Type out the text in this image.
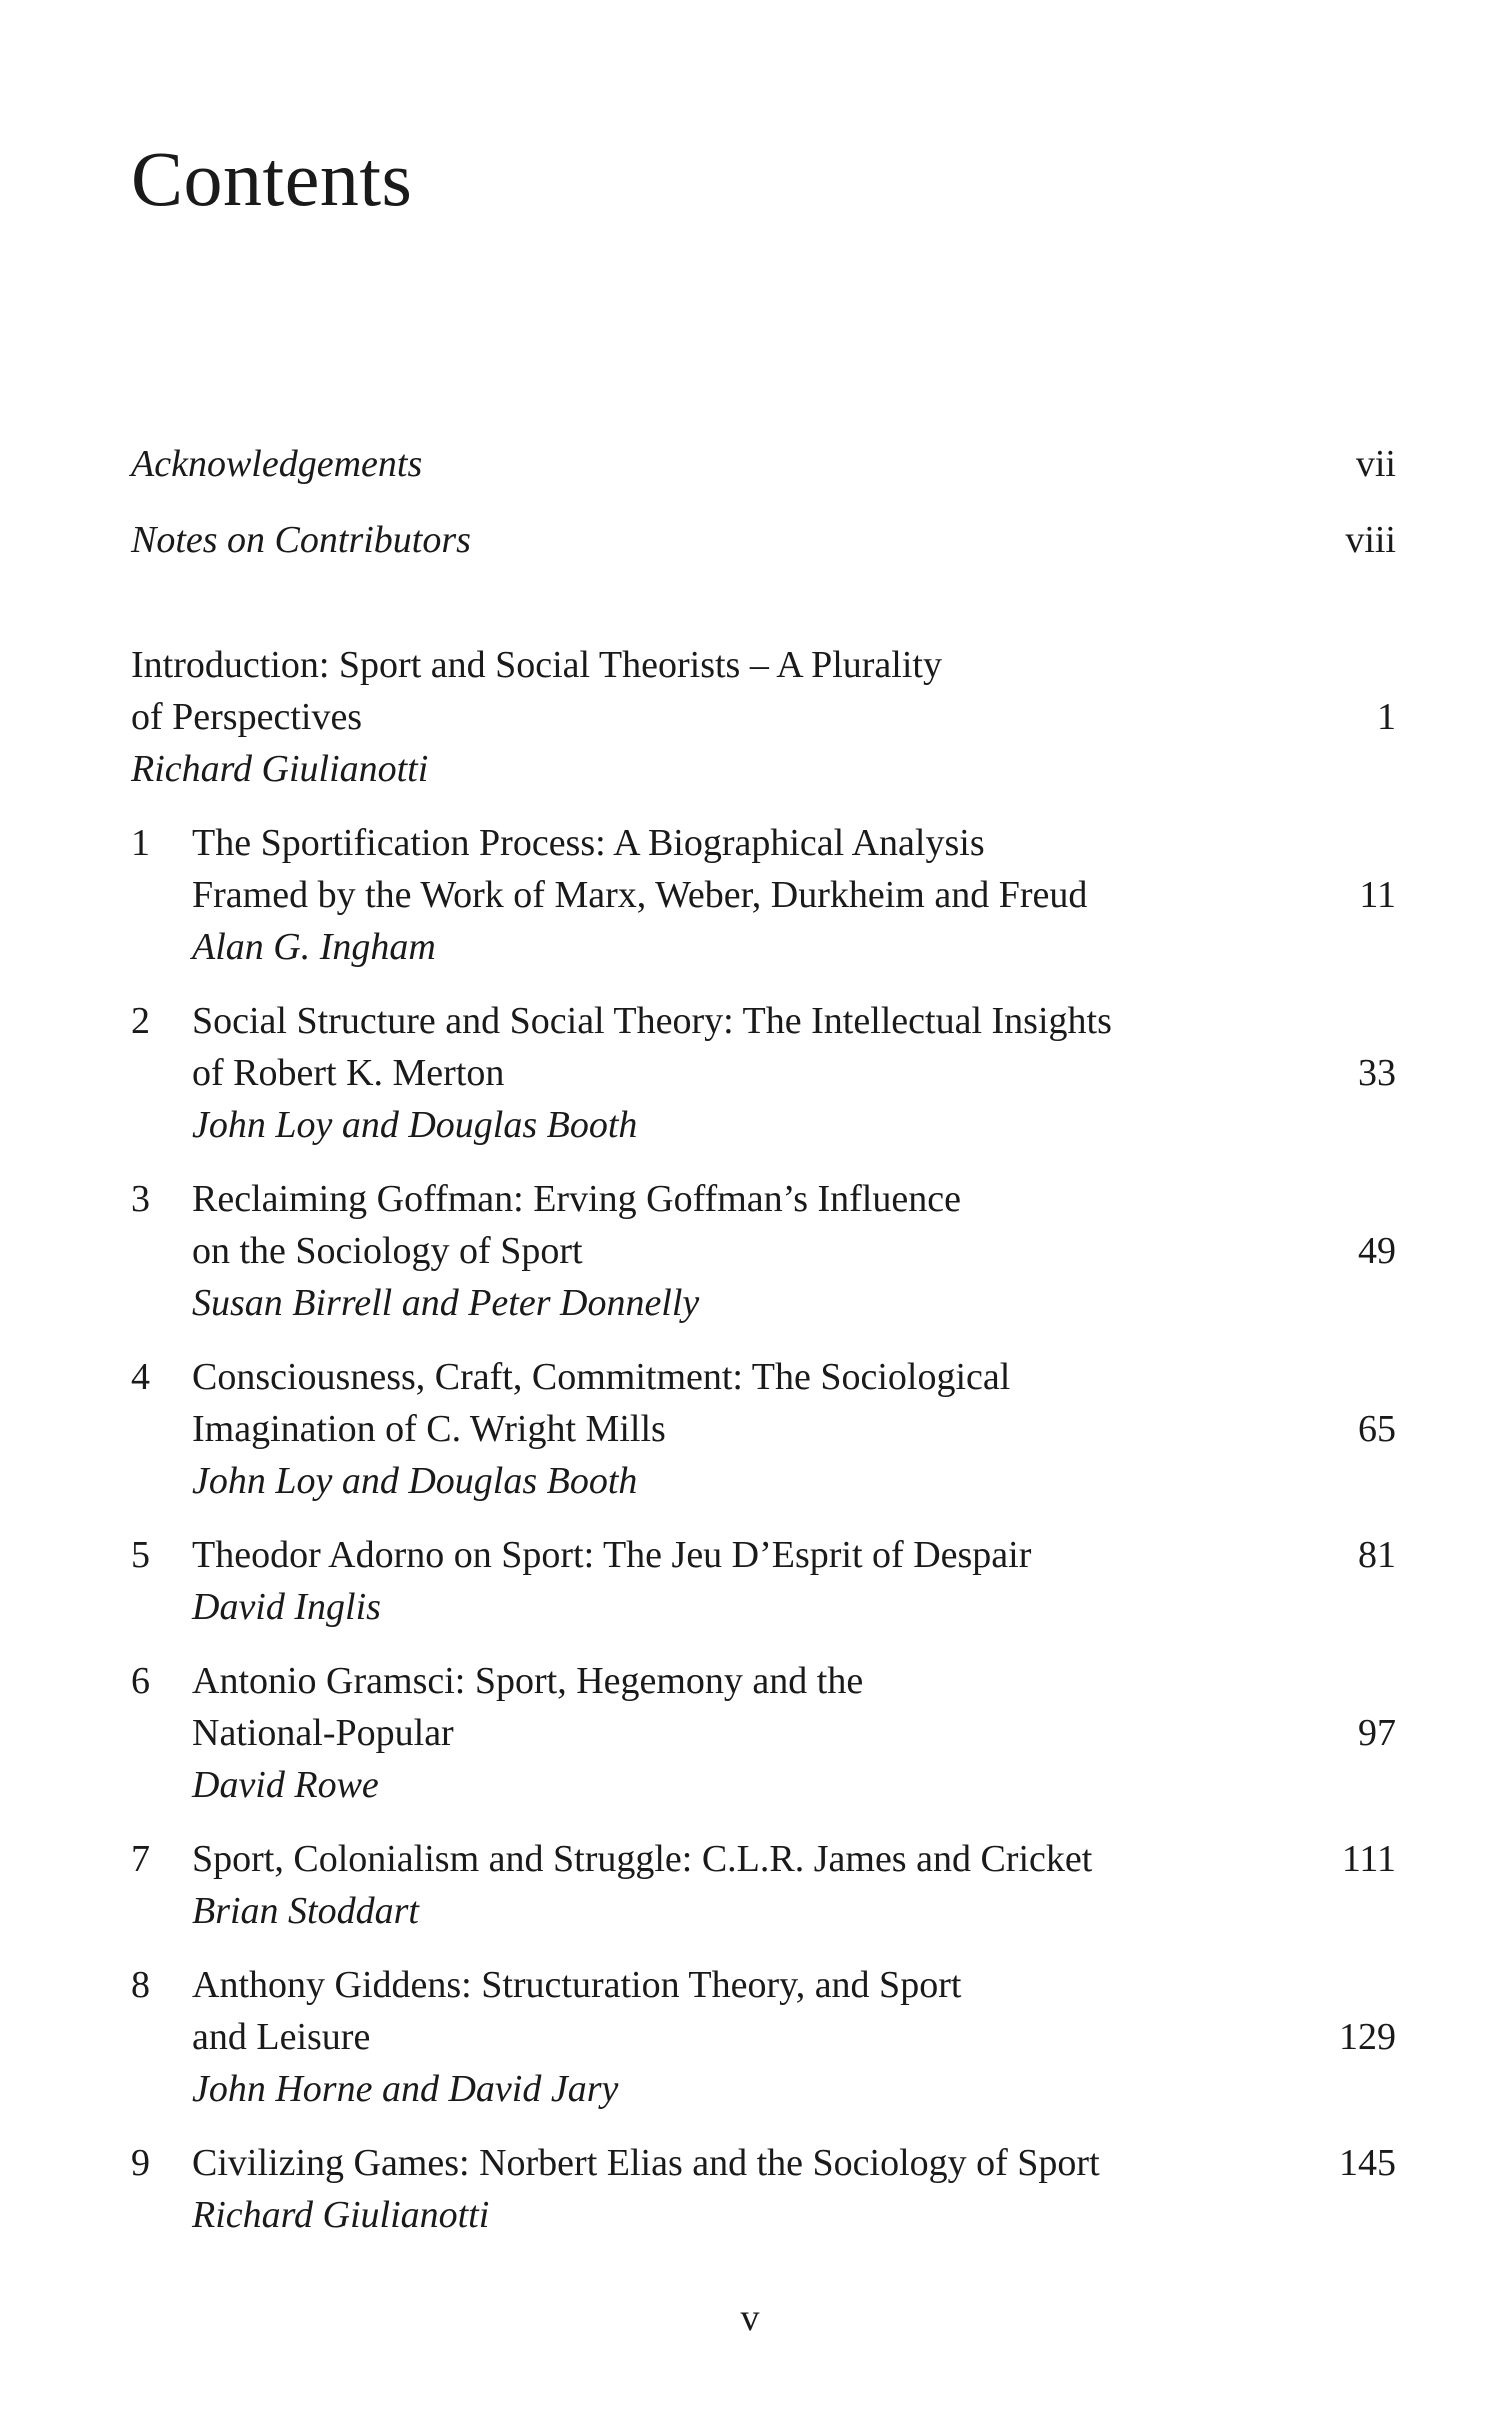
Contents
Acknowledgements	vii
Notes on Contributors	viii
Introduction: Sport and Social Theorists – A Plurality
of Perspectives
Richard Giulianotti
1
1 The Sportification Process: A Biographical Analysis
Framed by the Work of Marx, Weber, Durkheim and Freud
Alan G. Ingham
11
2 Social Structure and Social Theory: The Intellectual Insights
of Robert K. Merton
John Loy and Douglas Booth
33
3 Reclaiming Goffman: Erving Goffman’s Influence
on the Sociology of Sport
Susan Birrell and Peter Donnelly
49
4 Consciousness, Craft, Commitment: The Sociological
Imagination of C. Wright Mills
John Loy and Douglas Booth
65
5 Theodor Adorno on Sport: The Jeu D’Esprit of Despair
David Inglis
81
6 Antonio Gramsci: Sport, Hegemony and the
National-Popular
David Rowe
97
7 Sport, Colonialism and Struggle: C.L.R. James and Cricket
Brian Stoddart
111
8 Anthony Giddens: Structuration Theory, and Sport
and Leisure
John Horne and David Jary
129
9 Civilizing Games: Norbert Elias and the Sociology of Sport
Richard Giulianotti
145
v
